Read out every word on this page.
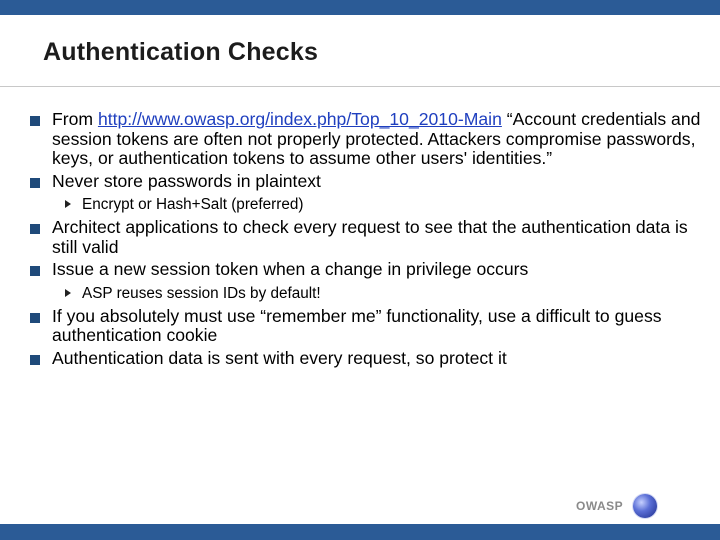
Authentication Checks
From http://www.owasp.org/index.php/Top_10_2010-Main “Account credentials and session tokens are often not properly protected. Attackers compromise passwords, keys, or authentication tokens to assume other users' identities.”
Never store passwords in plaintext
Encrypt or Hash+Salt (preferred)
Architect applications to check every request to see that the authentication data is still valid
Issue a new session token when a change in privilege occurs
ASP reuses session IDs by default!
If you absolutely must use “remember me” functionality, use a difficult to guess authentication cookie
Authentication data is sent with every request, so protect it
OWASP
